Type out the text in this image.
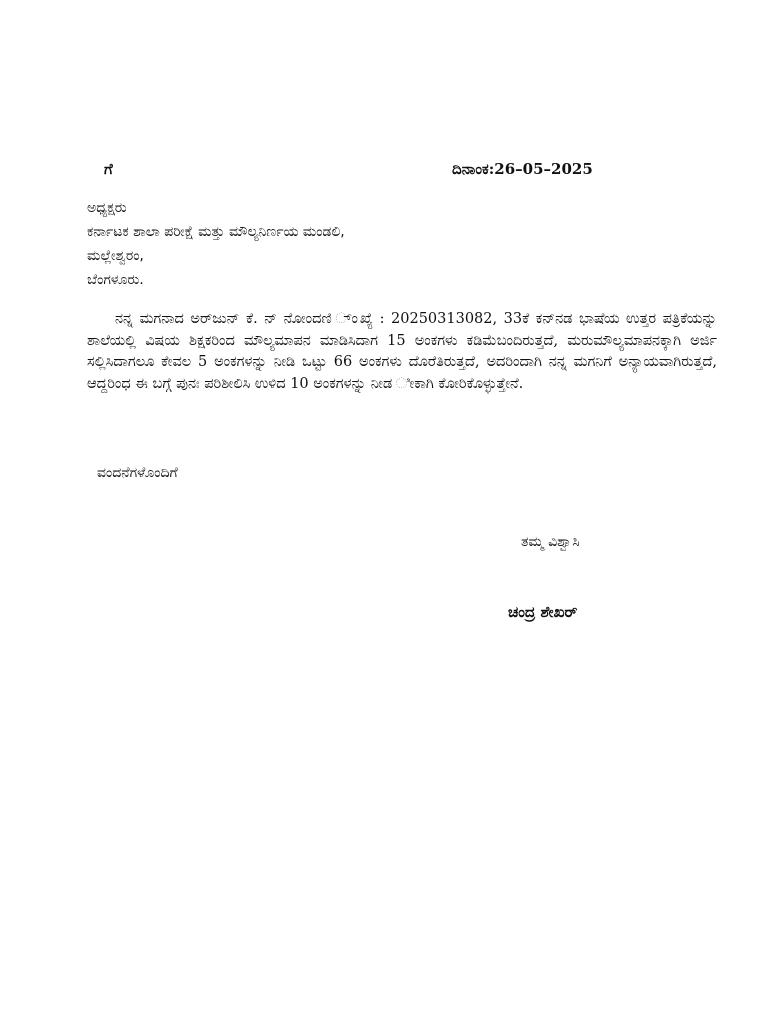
ಗೆ	ದಿನಾಂಕ:26–05–2025
ಅಧ್ಯಕ್ಷರು
ಕರ್ನಾಟಕ ಶಾಲಾ ಪರೀಕ್ಷೆ ಮತ್ತು ಮೌಲ್ಯನಿರ್ಣಯ ಮಂಡಲಿ,
ಮಲ್ಲೇಶ್ವರಂ,
ಬೆಂಗಳೂರು.
ನನ್ನ ಮಗನಾದ ಅರ್‌ಜುನ್ ಕೆ. ನ್ ನೋಂದಣಿ ್ಂಖ್ಯೆ : 20250313082, 33ಕೆ ಕನ್‌ನಡ ಭಾಷೆಯ ಉತ್ತರ ಪತ್ರಿಕೆಯನ್ನು ಶಾಲೆಯಲ್ಲಿ ವಿಷಯ ಶಿಕ್ಷಕರಿಂದ ಮೌಲ್ಯಮಾಪನ ಮಾಡಿಸಿದಾಗ 15 ಅಂಕಗಳು ಕಡಿಮೆಬಂದಿರುತ್ತದೆ, ಮರುಮೌಲ್ಯಮಾಪನಕ್ಕಾಗಿ ಅರ್ಜಿ ಸಲ್ಲಿಸಿದಾಗಲೂ ಕೇವಲ 5 ಅಂಕಗಳನ್ನು ನೀಡಿ ಒಟ್ಟು 66 ಅಂಕಗಳು ದೊರೆತಿರುತ್ತದೆ, ಅದರಿಂದಾಗಿ ನನ್ನ ಮಗನಿಗೆ ಅನ್ಯಾಯವಾಗಿರುತ್ತದೆ, ಆದ್ದರಿಂಧ ಈ ಬಗ್ಗೆ ಪುನಃ ಪರಿಶೀಲಿಸಿ ಉಳಿದ 10 ಅಂಕಗಳನ್ನು ನೀಡ ೀಕಾಗಿ ಕೋರಿಕೊಳ್ಳುತ್ತೇನೆ.
ವಂದನೆಗಳೊಂದಿಗೆ
ತಮ್ಮ ವಿಶ್ವಾಸಿ
ಚಂದ್ರ ಶೇಖರ್
